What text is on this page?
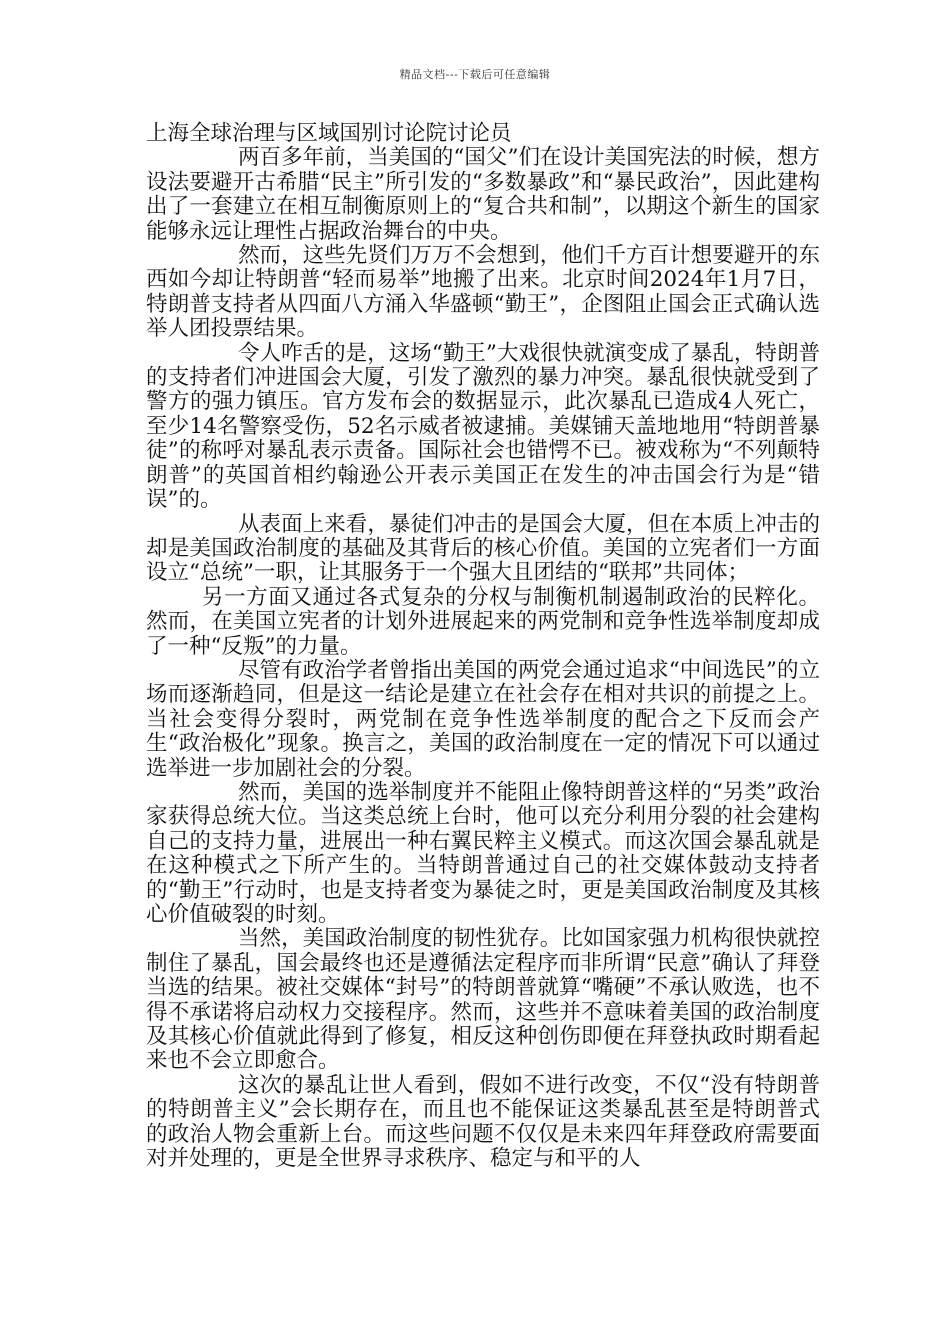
精品文档---下载后可任意编辑

上海全球治理与区域国别讨论院讨论员

两百多年前，当美国的“国父”们在设计美国宪法的时候，想方设法要避开古希腊“民主”所引发的“多数暴政”和“暴民政治”，因此建构出了一套建立在相互制衡原则上的“复合共和制”，以期这个新生的国家能够永远让理性占据政治舞台的中央。

然而，这些先贤们万万不会想到，他们千方百计想要避开的东西如今却让特朗普“轻而易举”地搬了出来。北京时间2024年1月7日，特朗普支持者从四面八方涌入华盛顿“勤王”，企图阻止国会正式确认选举人团投票结果。

令人咋舌的是，这场“勤王”大戏很快就演变成了暴乱，特朗普的支持者们冲进国会大厦，引发了激烈的暴力冲突。暴乱很快就受到了警方的强力镇压。官方发布会的数据显示，此次暴乱已造成4人死亡，至少14名警察受伤，52名示威者被逮捕。美媒铺天盖地地用“特朗普暴徒”的称呼对暴乱表示责备。国际社会也错愕不已。被戏称为“不列颠特朗普”的英国首相约翰逊公开表示美国正在发生的冲击国会行为是“错误”的。

从表面上来看，暴徒们冲击的是国会大厦，但在本质上冲击的却是美国政治制度的基础及其背后的核心价值。美国的立宪者们一方面设立“总统”一职，让其服务于一个强大且团结的“联邦”共同体；

另一方面又通过各式复杂的分权与制衡机制遏制政治的民粹化。然而，在美国立宪者的计划外进展起来的两党制和竞争性选举制度却成了一种“反叛”的力量。

尽管有政治学者曾指出美国的两党会通过追求“中间选民”的立场而逐渐趋同，但是这一结论是建立在社会存在相对共识的前提之上。当社会变得分裂时，两党制在竞争性选举制度的配合之下反而会产生“政治极化”现象。换言之，美国的政治制度在一定的情况下可以通过选举进一步加剧社会的分裂。

然而，美国的选举制度并不能阻止像特朗普这样的“另类”政治家获得总统大位。当这类总统上台时，他可以充分利用分裂的社会建构自己的支持力量，进展出一种右翼民粹主义模式。而这次国会暴乱就是在这种模式之下所产生的。当特朗普通过自己的社交媒体鼓动支持者的“勤王”行动时，也是支持者变为暴徒之时，更是美国政治制度及其核心价值破裂的时刻。

当然，美国政治制度的韧性犹存。比如国家强力机构很快就控制住了暴乱，国会最终也还是遵循法定程序而非所谓“民意”确认了拜登当选的结果。被社交媒体“封号”的特朗普就算“嘴硬”不承认败选，也不得不承诺将启动权力交接程序。然而，这些并不意味着美国的政治制度及其核心价值就此得到了修复，相反这种创伤即便在拜登执政时期看起来也不会立即愈合。

这次的暴乱让世人看到，假如不进行改变，不仅“没有特朗普的特朗普主义”会长期存在，而且也不能保证这类暴乱甚至是特朗普式的政治人物会重新上台。而这些问题不仅仅是未来四年拜登政府需要面对并处理的，更是全世界寻求秩序、稳定与和平的人
